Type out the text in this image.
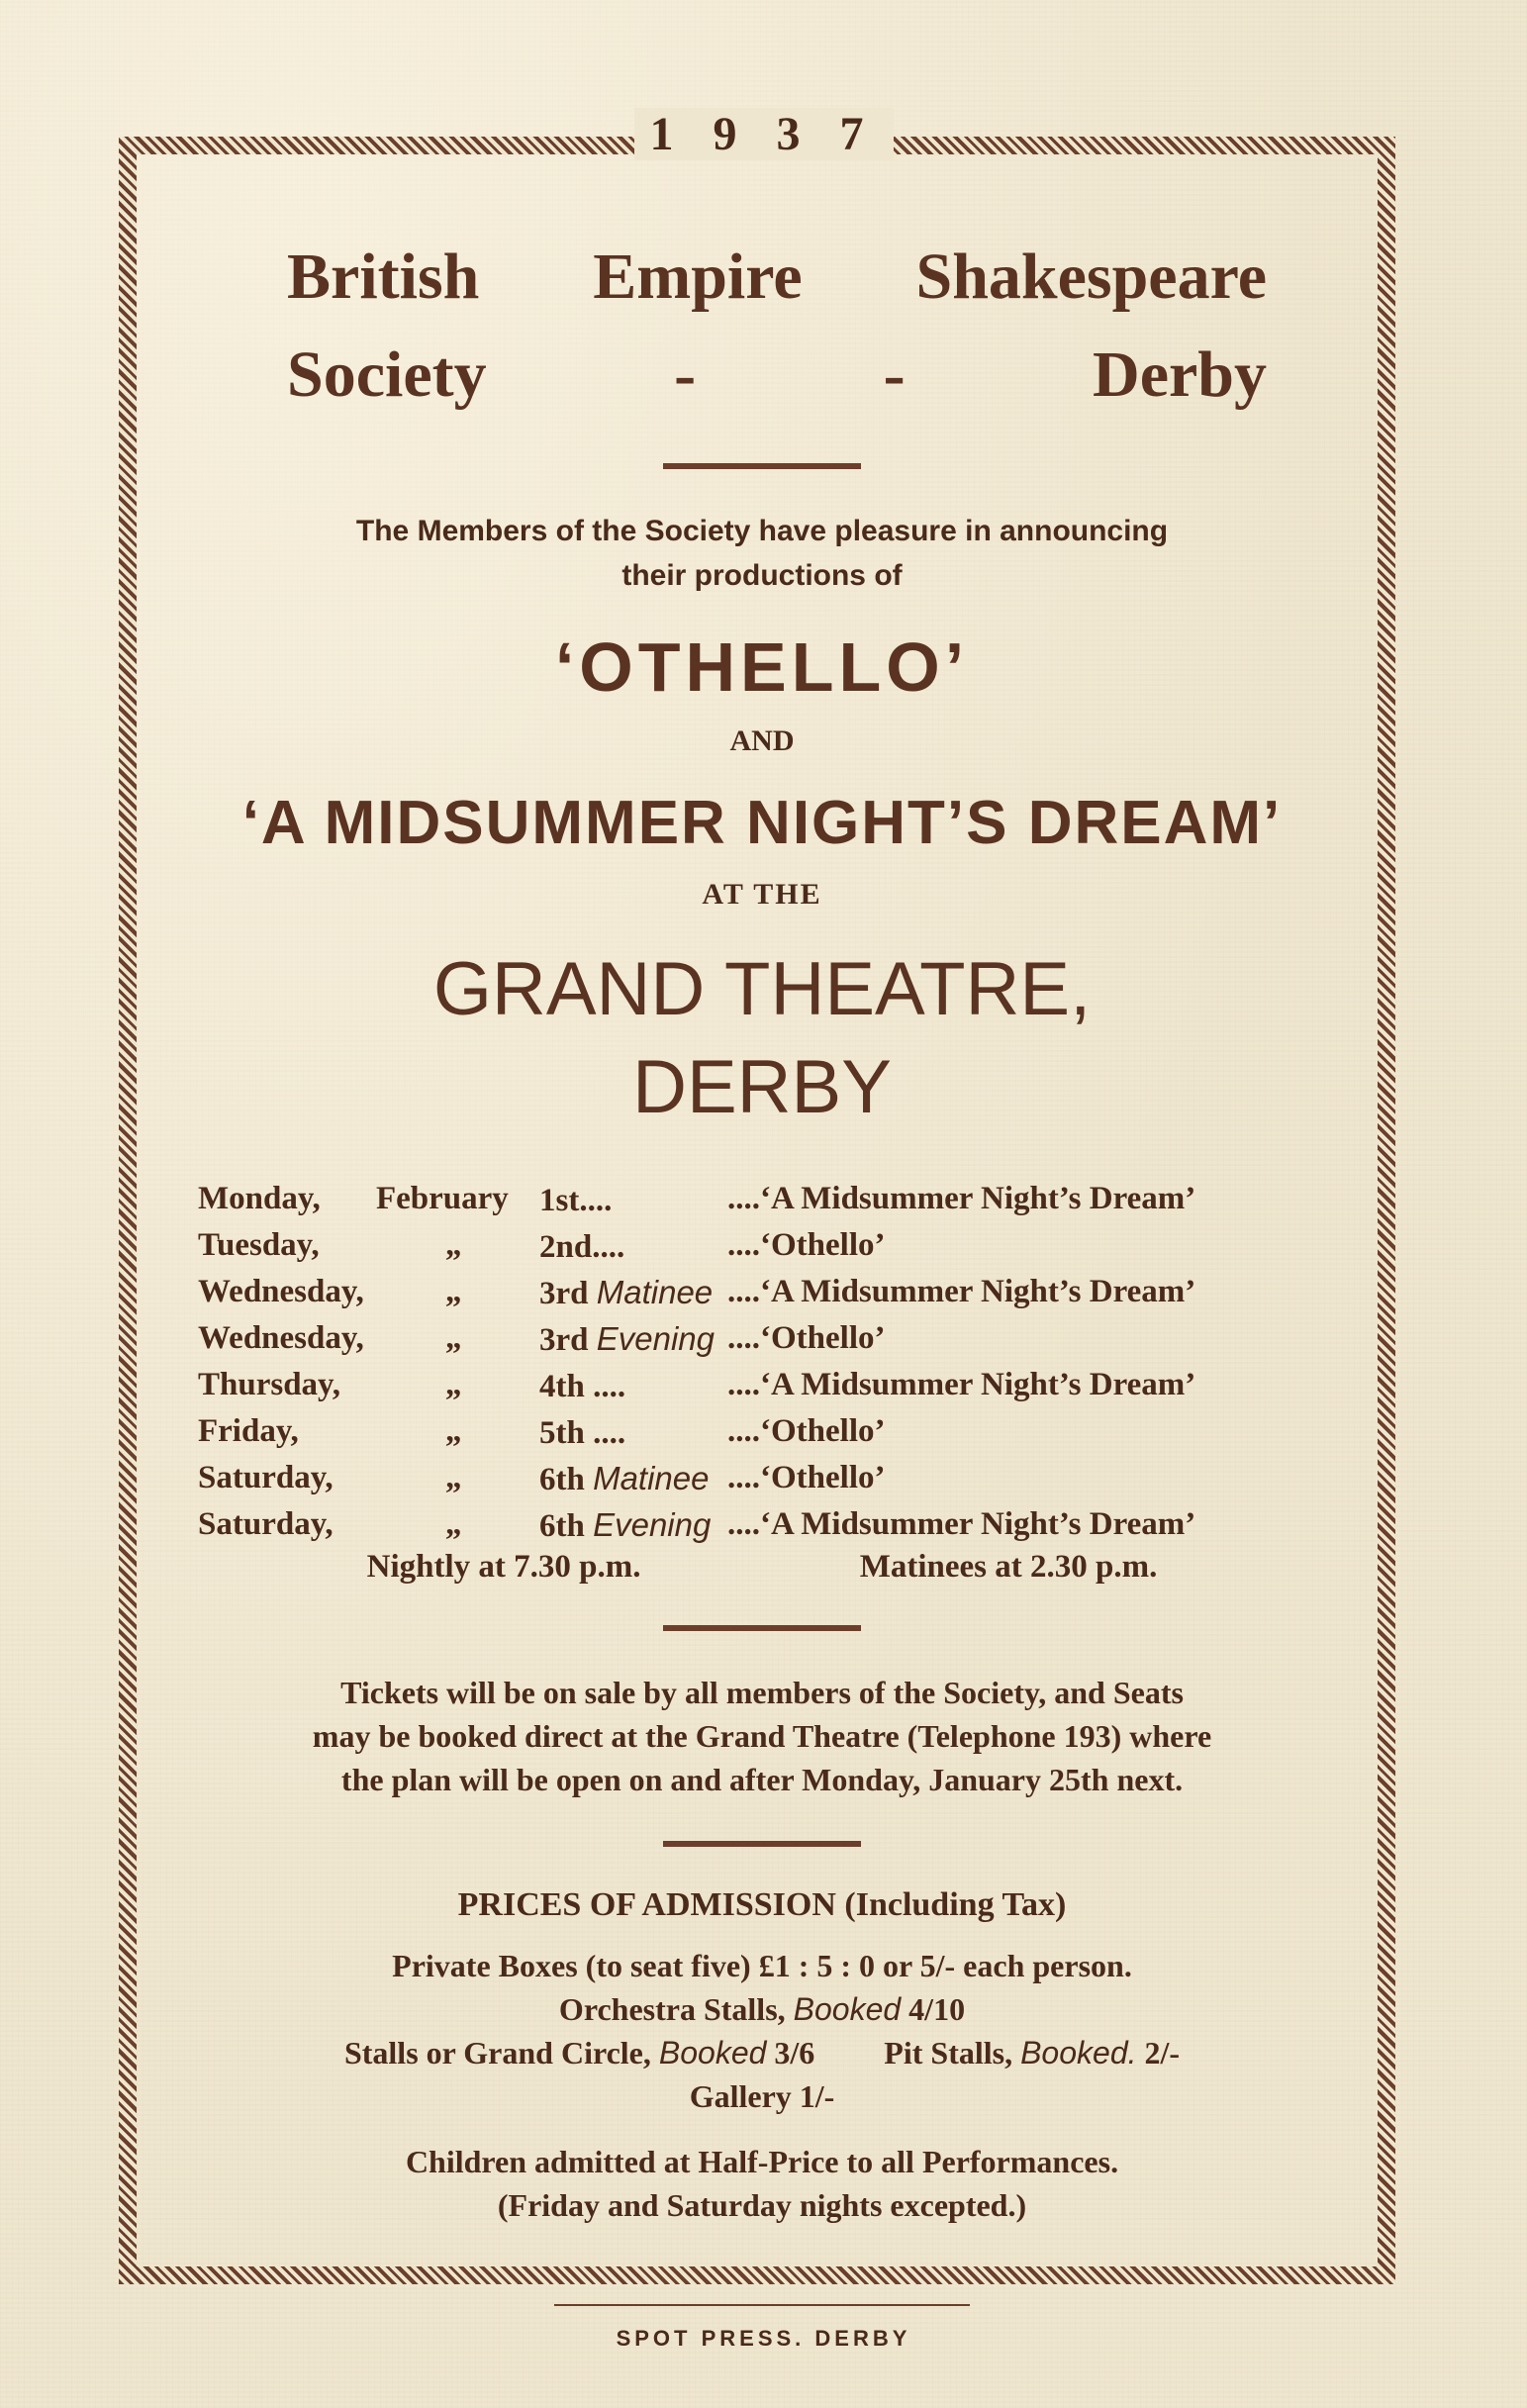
1 9 3 7
British Empire Shakespeare
Society	-	-	Derby
The Members of the Society have pleasure in announcing
their productions of
‘OTHELLO’
AND
‘A MIDSUMMER NIGHT’S DREAM’
AT THE
GRAND THEATRE,
DERBY
Monday,	February 1st....	....‘A Midsummer Night’s Dream’
Tuesday,	„	2nd....	....‘Othello’
Wednesday,	„	3rd Matinee ....‘A Midsummer Night’s Dream’
Wednesday,	„	3rd Evening ....‘Othello’
Thursday,	„	4th ....	....‘A Midsummer Night’s Dream’
Friday,	„	5th ....	....‘Othello’
Saturday,	„	6th Matinee ....‘Othello’
Saturday,	„	6th Evening ....‘A Midsummer Night’s Dream’
Nightly at 7.30 p.m.	Matinees at 2.30 p.m.
Tickets will be on sale by all members of the Society, and Seats
may be booked direct at the Grand Theatre (Telephone 193) where
the plan will be open on and after Monday, January 25th next.
PRICES OF ADMISSION (Including Tax)
Private Boxes (to seat five) £1 : 5 : 0 or 5/- each person.
Orchestra Stalls, Booked 4/10
Stalls or Grand Circle, Booked 3/6 Pit Stalls, Booked. 2/-
Gallery 1/-
Children admitted at Half-Price to all Performances.
(Friday and Saturday nights excepted.)
SPOT PRESS. DERBY
